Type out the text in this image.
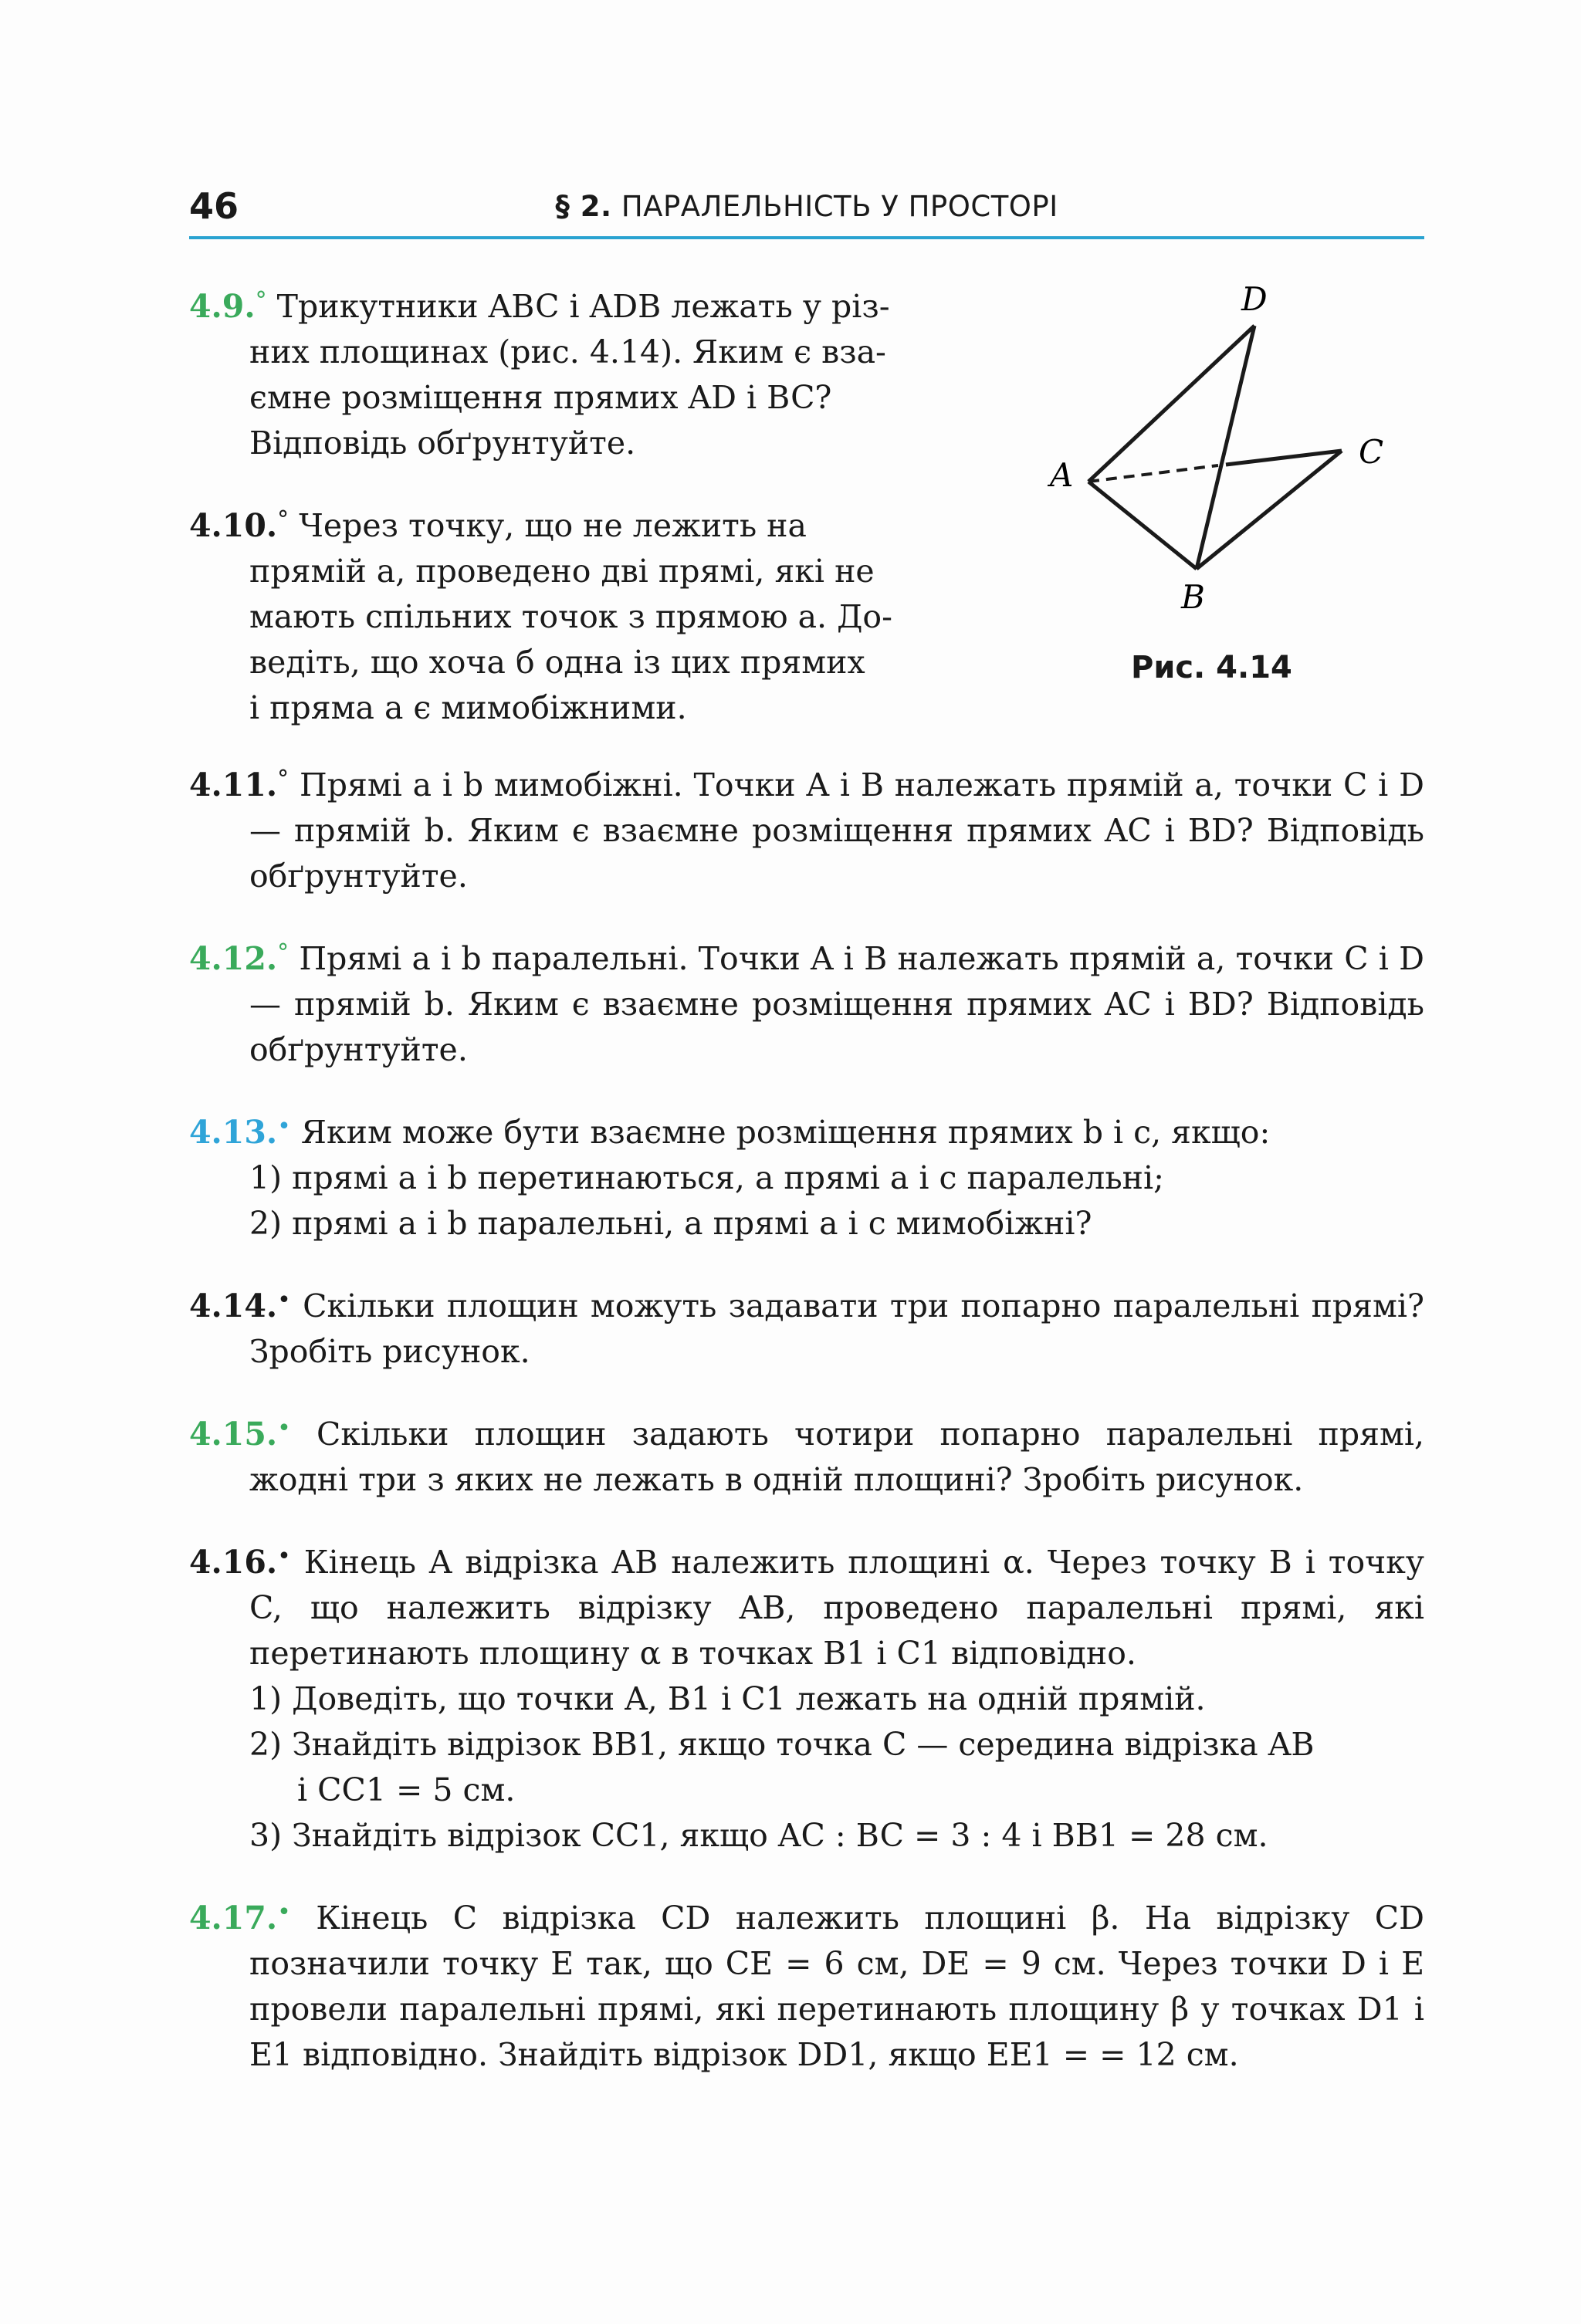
46	§ 2. ПАРАЛЕЛЬНІСТЬ У ПРОСТОРІ
D
A
C
B
Рис. 4.14
4.9.° Трикутники ABC і ADB лежать у різ-
них площинах (рис. 4.14). Яким є вза-
ємне розміщення прямих AD і BC?
Відповідь обґрунтуйте.
4.10.° Через точку, що не лежить на
прямій a, проведено дві прямі, які не
мають спільних точок з прямою a. До-
ведіть, що хоча б одна із цих прямих
і пряма a є мимобіжними.
4.11.° Прямі a і b мимобіжні. Точки A і B належать прямій a, точки C і D — прямій b. Яким є взаємне розміщення прямих AC і BD? Відповідь обґрунтуйте.
4.12.° Прямі a і b паралельні. Точки A і B належать прямій a, точки C і D — прямій b. Яким є взаємне розміщення прямих AC і BD? Відповідь обґрунтуйте.
4.13.• Яким може бути взаємне розміщення прямих b і c, якщо:
1) прямі a і b перетинаються, а прямі a і c паралельні;
2) прямі a і b паралельні, а прямі a і c мимобіжні?
4.14.• Скільки площин можуть задавати три попарно паралельні прямі? Зробіть рисунок.
4.15.• Скільки площин задають чотири попарно паралельні прямі, жодні три з яких не лежать в одній площині? Зробіть рисунок.
4.16.• Кінець A відрізка AB належить площині α. Через точку B і точку C, що належить відрізку AB, проведено паралельні прямі, які перетинають площину α в точках B1 і C1 відповідно.
1) Доведіть, що точки A, B1 і C1 лежать на одній прямій.
2) Знайдіть відрізок BB1, якщо точка C — середина відрізка AB
і CC1 = 5 см.
3) Знайдіть відрізок CC1, якщо AC : BC = 3 : 4 і BB1 = 28 см.
4.17.• Кінець C відрізка CD належить площині β. На відрізку CD позначили точку E так, що CE = 6 см, DE = 9 см. Через точки D і E провели паралельні прямі, які перетинають площину β у точках D1 і E1 відповідно. Знайдіть відрізок DD1, якщо EE1 = = 12 см.
